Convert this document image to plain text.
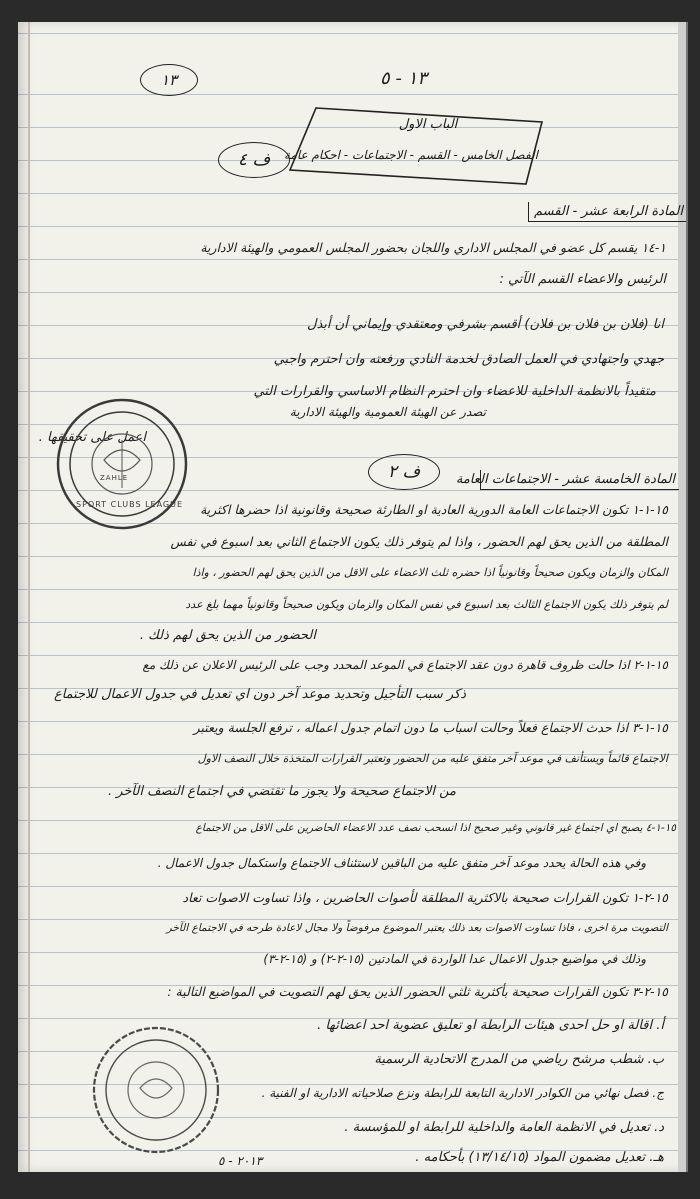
١٣	١٣ - ٥
الباب الاول
الفصل الخامس - القسم - الاجتماعات - احكام عامة
ف ٤
المادة الرابعة عشر - القسم
١-١٤ يقسم كل عضو في المجلس الاداري واللجان بحضور المجلس العمومي والهيئة الادارية
الرئيس والاعضاء القسم الآتي :
انا (فلان بن فلان بن فلان) أقسم بشرفي ومعتقدي وإيماني أن أبذل
جهدي واجتهادي في العمل الصادق لخدمة النادي ورفعته وان احترم واجبي
متقيداً بالانظمة الداخلية للاعضاء وان احترم النظام الاساسي والقرارات التي
تصدر عن الهيئة العمومية والهيئة الادارية
اعمل على تحقيقها .
SPORT CLUBS LEAGUE
ZAHLE	ف ٢	المادة الخامسة عشر - الاجتماعات العامة
١٥-١-١ تكون الاجتماعات العامة الدورية العادية او الطارئة صحيحة وقانونية اذا حضرها اكثرية
المطلقة من الذين يحق لهم الحضور ، واذا لم يتوفر ذلك يكون الاجتماع الثاني بعد اسبوع في نفس
المكان والزمان ويكون صحيحاً وقانونياً اذا حضره ثلث الاعضاء على الاقل من الذين يحق لهم الحضور ، واذا
لم يتوفر ذلك يكون الاجتماع الثالث بعد اسبوع في نفس المكان والزمان ويكون صحيحاً وقانونياً مهما بلغ عدد
الحضور من الذين يحق لهم ذلك .
١٥-١-٢ اذا حالت ظروف قاهرة دون عقد الاجتماع في الموعد المحدد وجب على الرئيس الاعلان عن ذلك مع
ذكر سبب التأجيل وتحديد موعد آخر دون اي تعديل في جدول الاعمال للاجتماع
١٥-١-٣ اذا حدث الاجتماع فعلاً وحالت اسباب ما دون اتمام جدول اعماله ، ترفع الجلسة ويعتبر
الاجتماع قائماً ويستأنف في موعد آخر متفق عليه من الحضور وتعتبر القرارات المتخذة خلال النصف الاول
من الاجتماع صحيحة ولا يجوز ما تقتضي في اجتماع النصف الآخر .
١٥-١-٤ يصبح اي اجتماع غير قانوني وغير صحيح اذا انسحب نصف عدد الاعضاء الحاضرين على الاقل من الاجتماع
وفي هذه الحالة يحدد موعد آخر متفق عليه من الباقين لاستئناف الاجتماع واستكمال جدول الاعمال .
١٥-٢-١ تكون القرارات صحيحة بالاكثرية المطلقة لأصوات الحاضرين ، واذا تساوت الاصوات تعاد
التصويت مرة اخرى ، فاذا تساوت الاصوات بعد ذلك يعتبر الموضوع مرفوضاً ولا مجال لاعادة طرحه في الاجتماع الآخر
وذلك في مواضيع جدول الاعمال عدا الواردة في المادتين (١٥-٢-٢) و (١٥-٢-٣)
١٥-٢-٣ تكون القرارات صحيحة بأكثرية ثلثي الحضور الذين يحق لهم التصويت في المواضيع التالية :
أ. اقالة او حل احدى هيئات الرابطة او تعليق عضوية احد اعضائها .
ب. شطب مرشح رياضي من المدرج الاتحادية الرسمية
ج. فصل نهائي من الكوادر الادارية التابعة للرابطة ونزع صلاحياته الادارية او الفنية .
د. تعديل في الانظمة العامة والداخلية للرابطة او للمؤسسة .
هـ. تعديل مضمون المواد (١٣/١٤/١٥) بأحكامه .
٢٠١٣ - ٥
